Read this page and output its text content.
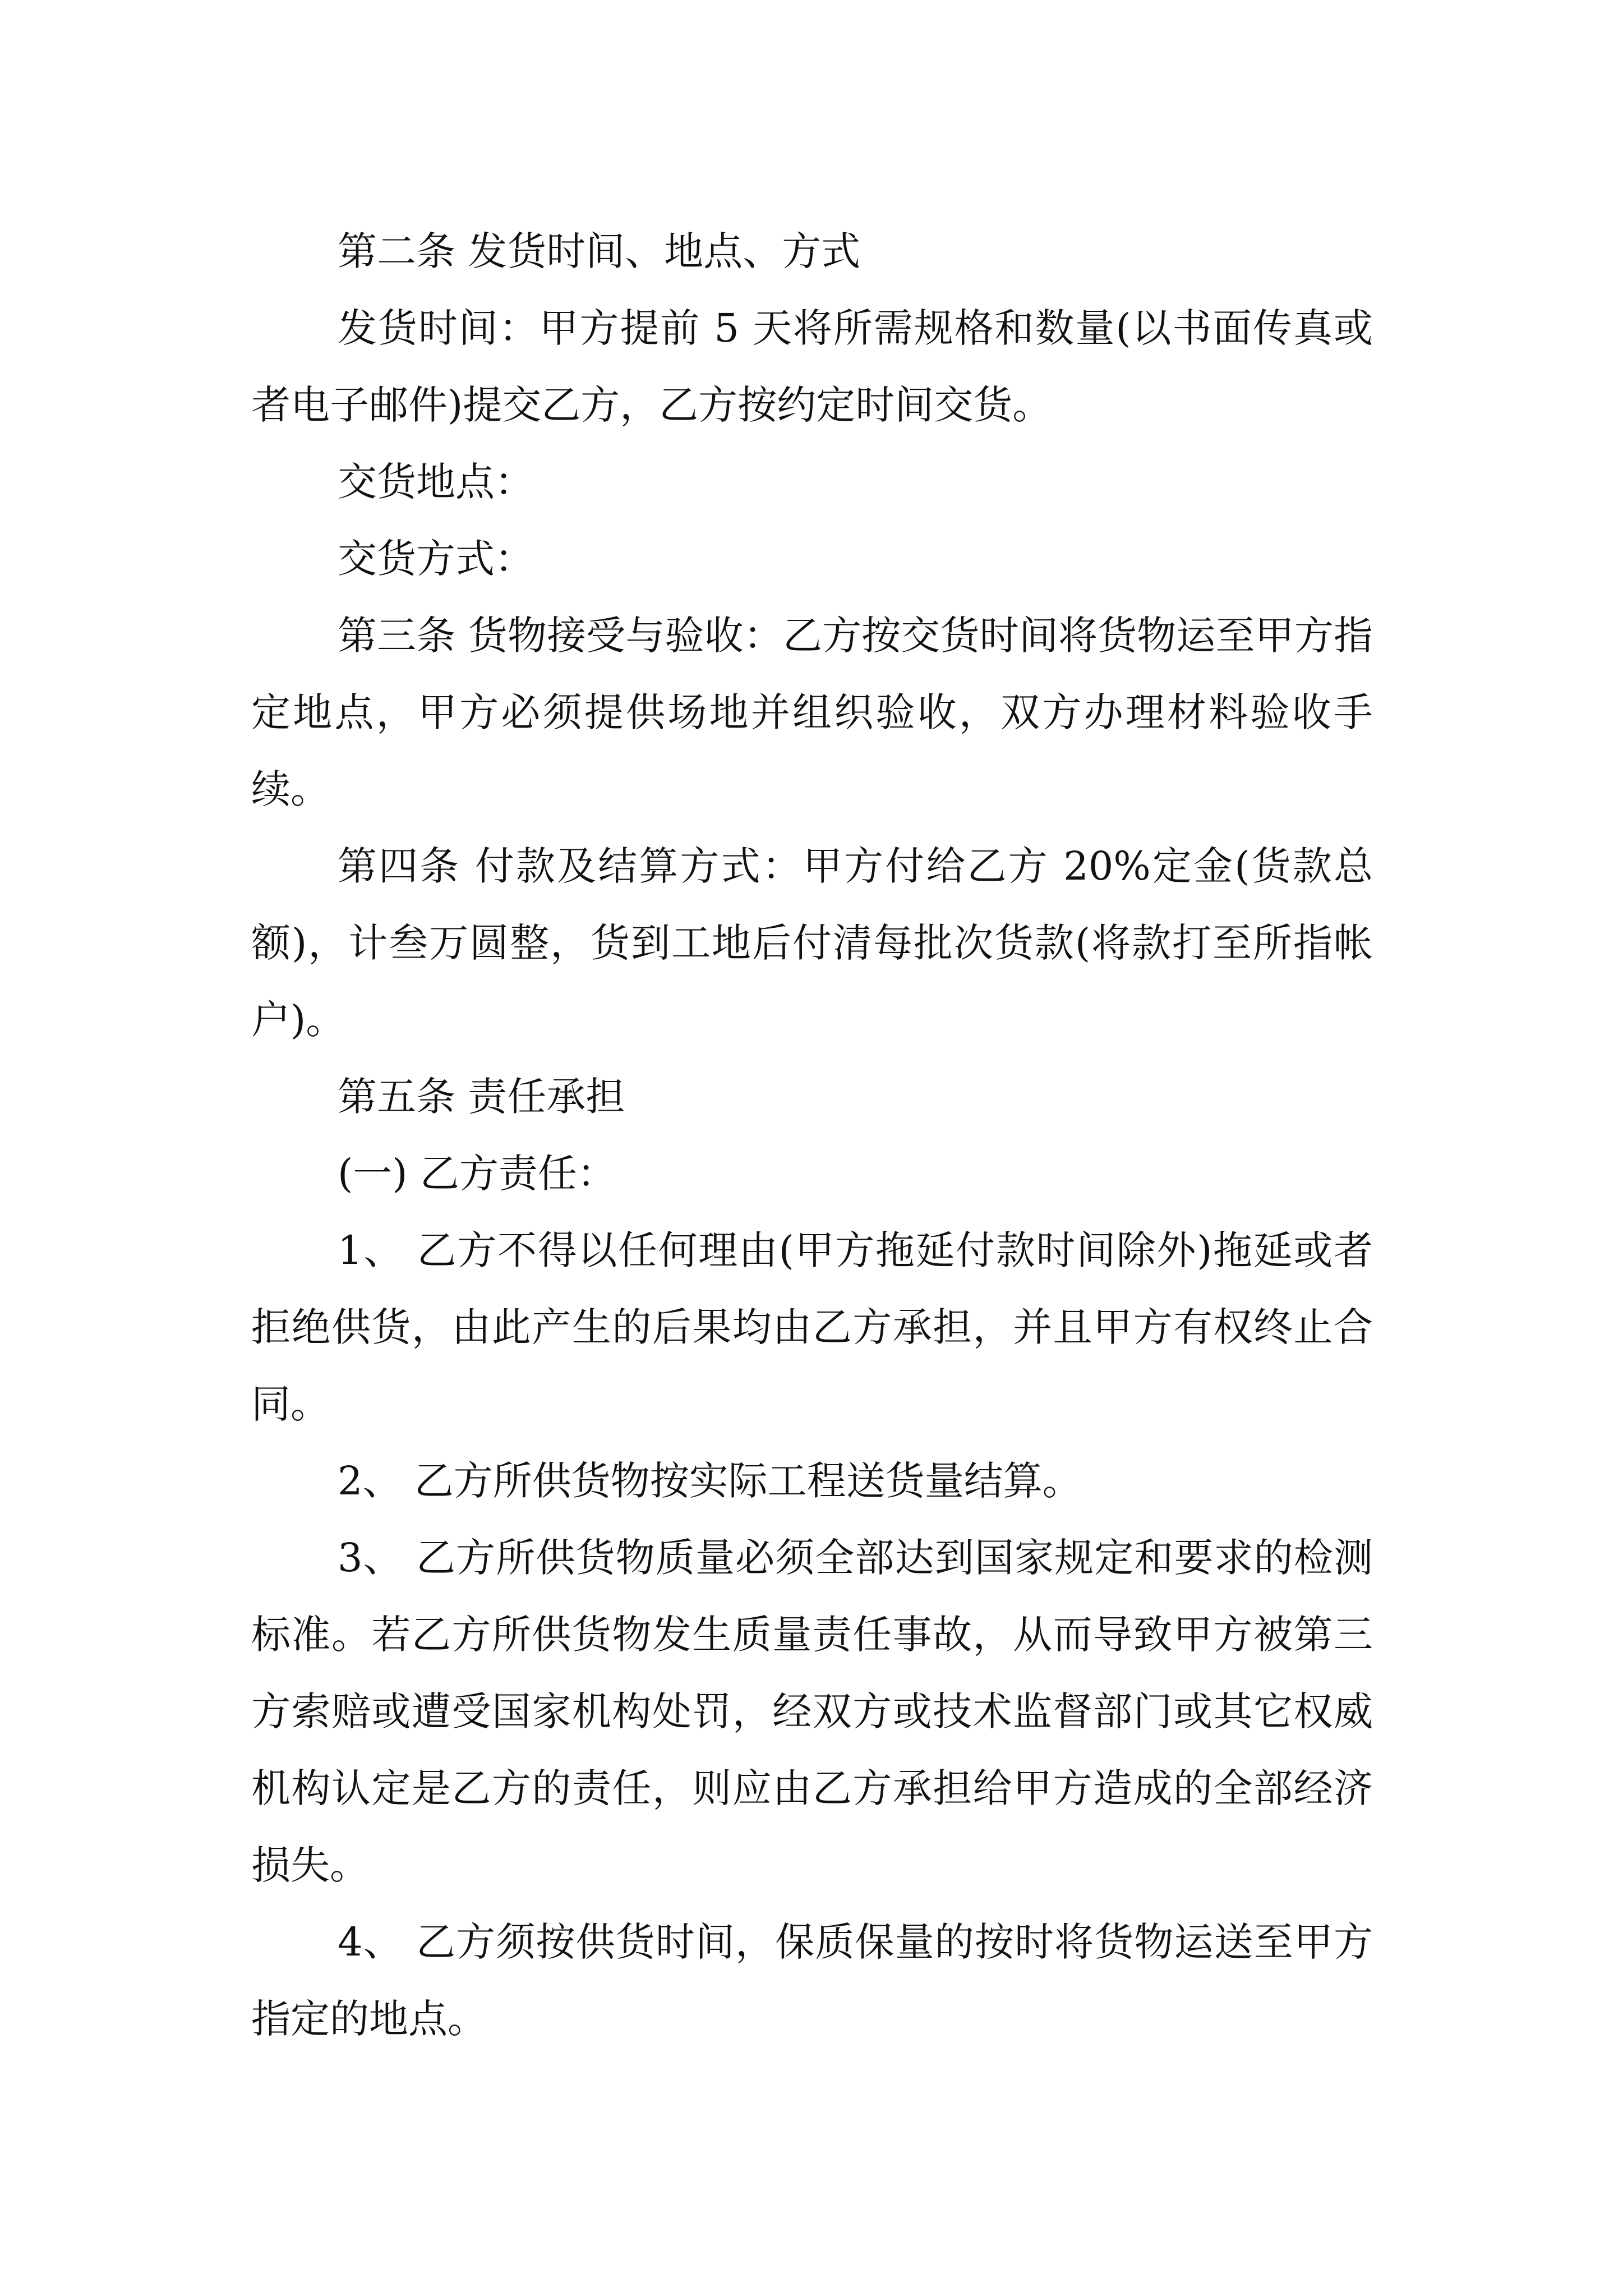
第二条 发货时间、地点、方式

发货时间：甲方提前 5 天将所需规格和数量(以书面传真或者电子邮件)提交乙方，乙方按约定时间交货。

交货地点：

交货方式：

第三条 货物接受与验收：乙方按交货时间将货物运至甲方指定地点，甲方必须提供场地并组织验收，双方办理材料验收手续。

第四条 付款及结算方式：甲方付给乙方 20%定金(货款总额)，计叁万圆整，货到工地后付清每批次货款(将款打至所指帐户)。

第五条 责任承担

(一) 乙方责任：

1、 乙方不得以任何理由(甲方拖延付款时间除外)拖延或者拒绝供货，由此产生的后果均由乙方承担，并且甲方有权终止合同。

2、 乙方所供货物按实际工程送货量结算。

3、 乙方所供货物质量必须全部达到国家规定和要求的检测标准。若乙方所供货物发生质量责任事故，从而导致甲方被第三方索赔或遭受国家机构处罚，经双方或技术监督部门或其它权威机构认定是乙方的责任，则应由乙方承担给甲方造成的全部经济损失。

4、 乙方须按供货时间，保质保量的按时将货物运送至甲方指定的地点。
